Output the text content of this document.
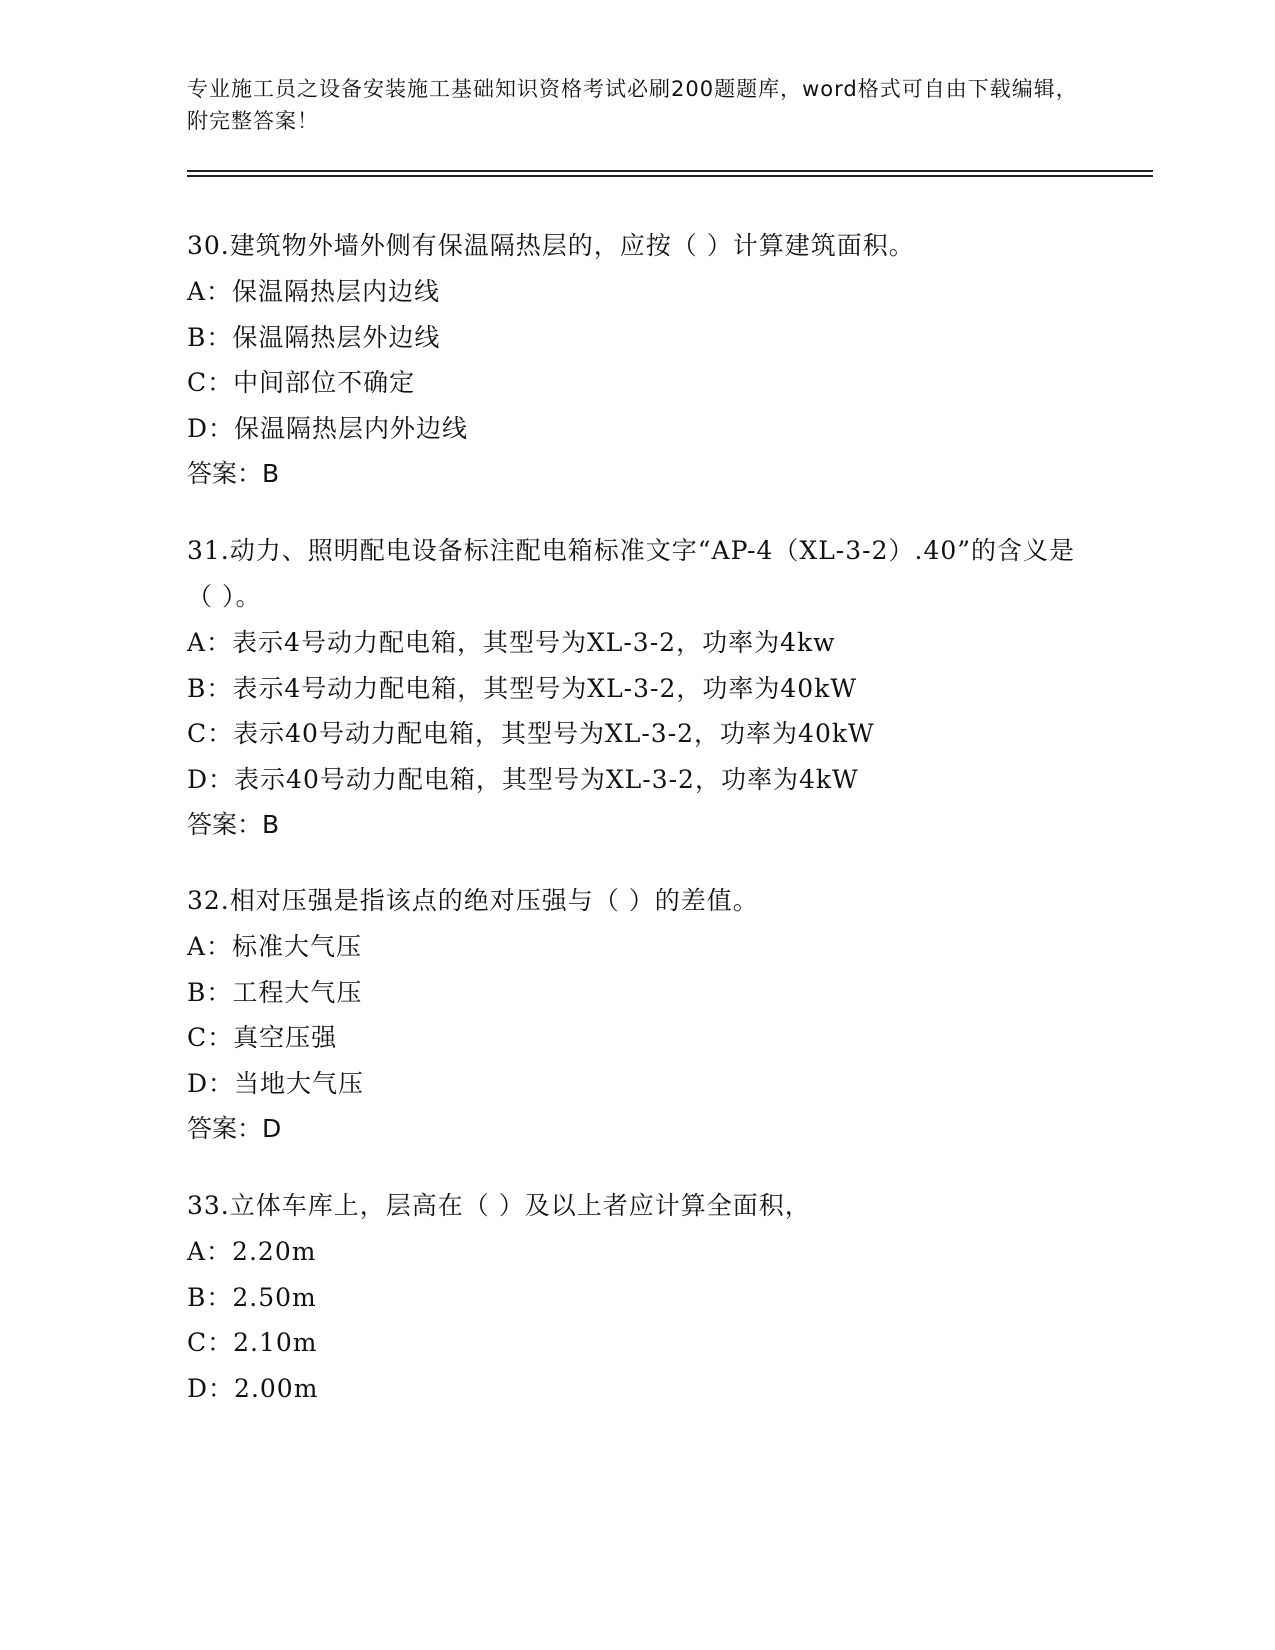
专业施工员之设备安装施工基础知识资格考试必刷200题题库，word格式可自由下载编辑，附完整答案！
30.建筑物外墙外侧有保温隔热层的，应按（ ）计算建筑面积。
A：保温隔热层内边线
B：保温隔热层外边线
C：中间部位不确定
D：保温隔热层内外边线
答案：B
31.动力、照明配电设备标注配电箱标准文字“AP-4（XL-3-2）.40”的含义是（ ）。
A：表示4号动力配电箱，其型号为XL-3-2，功率为4kw
B：表示4号动力配电箱，其型号为XL-3-2，功率为40kW
C：表示40号动力配电箱，其型号为XL-3-2，功率为40kW
D：表示40号动力配电箱，其型号为XL-3-2，功率为4kW
答案：B
32.相对压强是指该点的绝对压强与（ ）的差值。
A：标准大气压
B：工程大气压
C：真空压强
D：当地大气压
答案：D
33.立体车库上，层高在（ ）及以上者应计算全面积，
A：2.20m
B：2.50m
C：2.10m
D：2.00m
